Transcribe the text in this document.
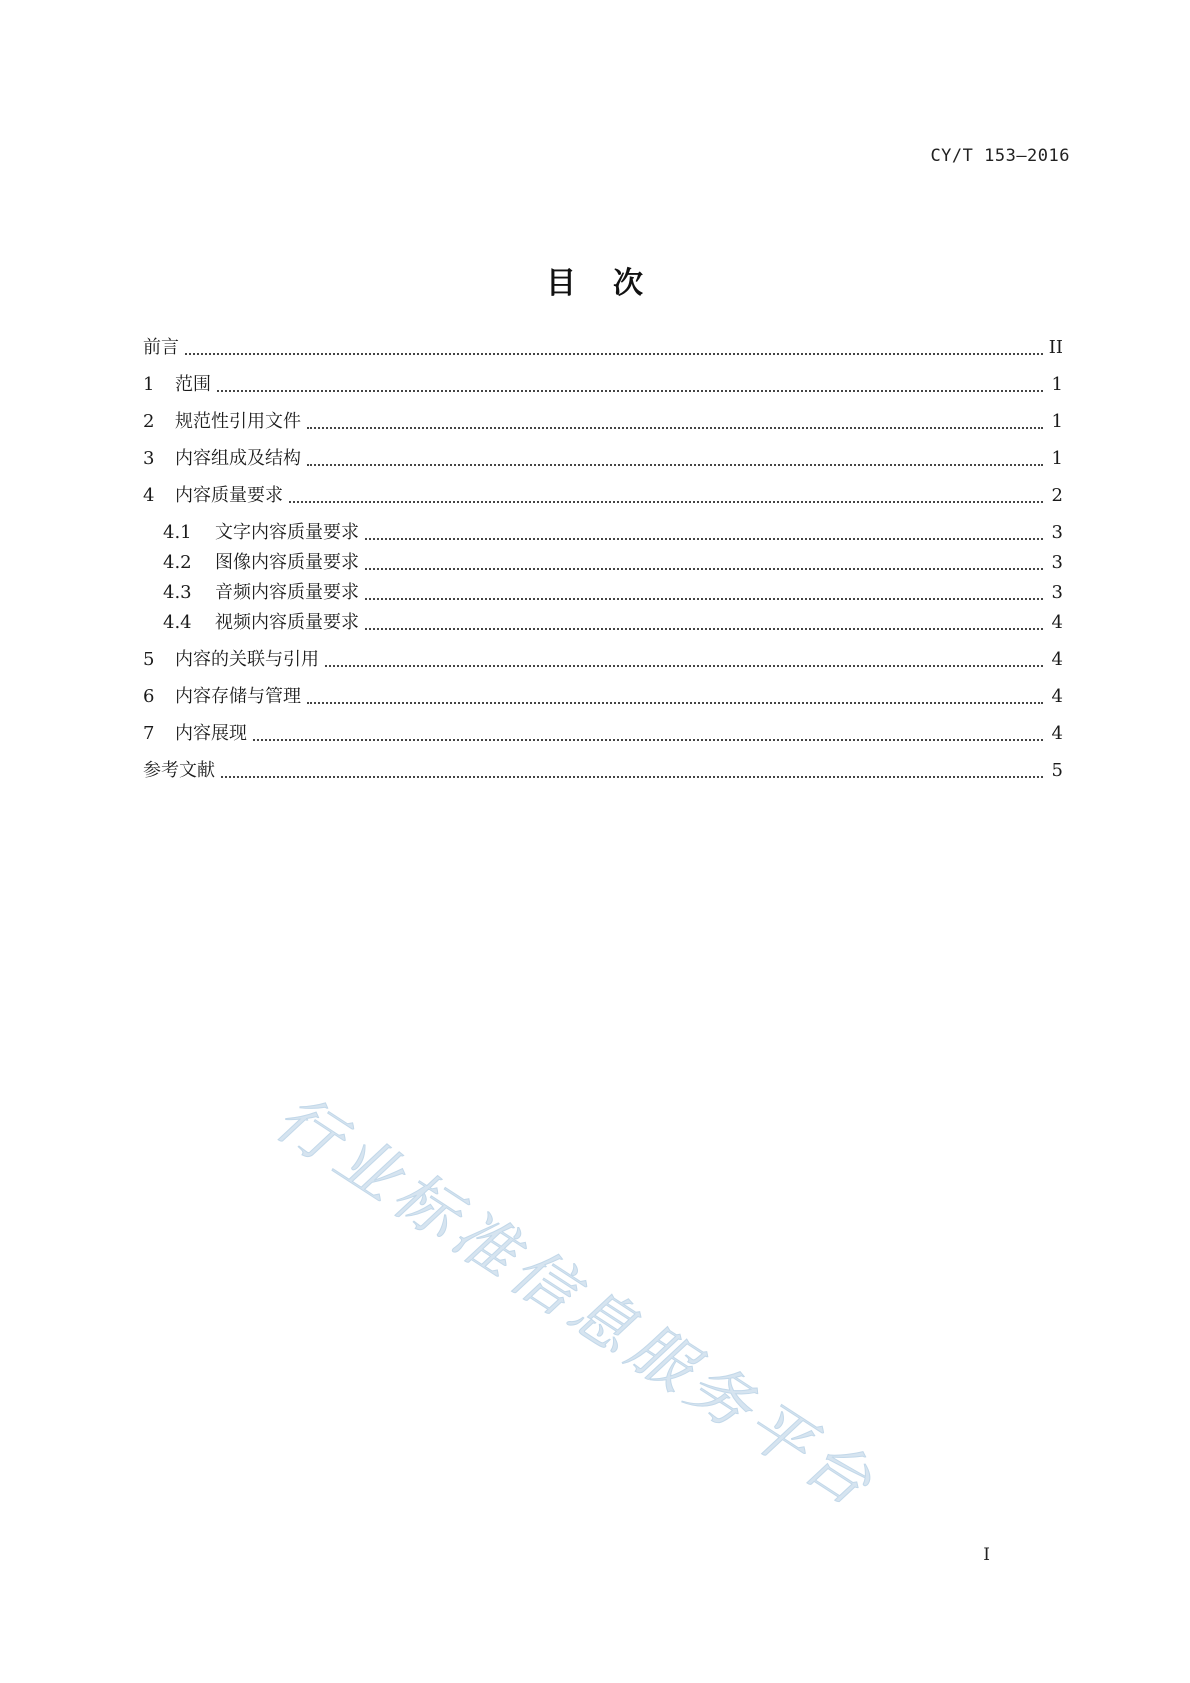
CY/T 153—2016
目 次
前言	II
1	范围	1
2	规范性引用文件	1
3	内容组成及结构	1
4	内容质量要求	2
4.1	文字内容质量要求	3
4.2	图像内容质量要求	3
4.3	音频内容质量要求	3
4.4	视频内容质量要求	4
5	内容的关联与引用	4
6	内容存储与管理	4
7	内容展现	4
参考文献	5
行业标准信息服务平台
I
